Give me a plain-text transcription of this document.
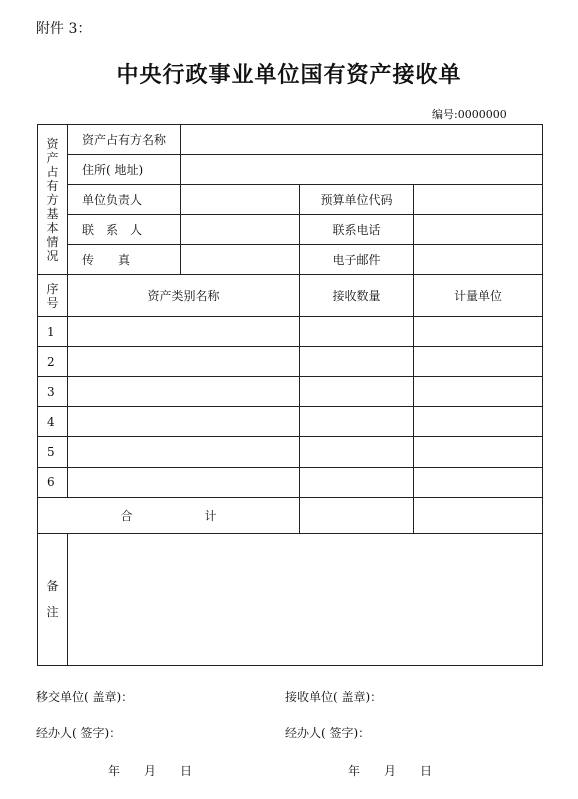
附件 3：
中央行政事业单位国有资产接收单
编号:0000000
资产占有方基本情况	资产占有方名称			
	住所( 地址)			
	单位负责人		预算单位代码	
	联　系　人		联系电话	
	传　　真		电子邮件	
序号	资产类别名称		接收数量	计量单位
1				
2				
3				
4				
5				
6				
合 计				
备注				
移交单位( 盖章)：	接收单位( 盖章)：
经办人( 签字)：	经办人( 签字)：
年　　月　　日	年　　月　　日
